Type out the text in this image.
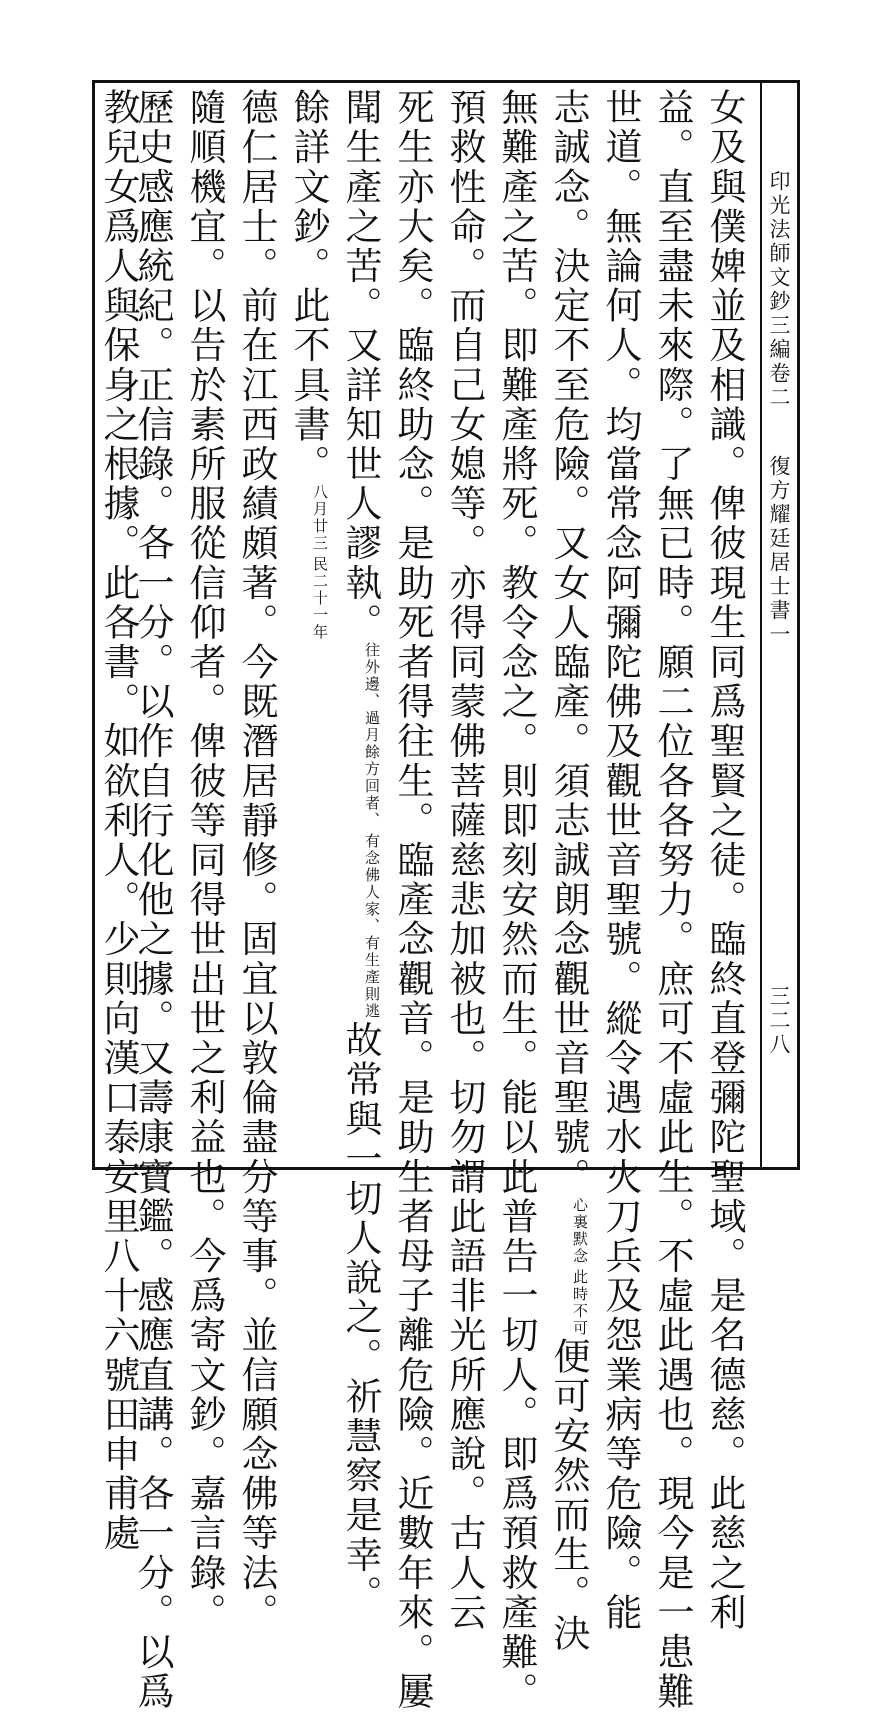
印光法師文鈔三編卷二
復方耀廷居士書一
三二八
女及與僕婢並及相識。俾彼現生同爲聖賢之徒。臨終直登彌陀聖域。是名德慈。此慈之利
益。直至盡未來際。了無已時。願二位各各努力。庶可不虛此生。不虛此遇也。現今是一患難
世道。無論何人。均當常念阿彌陀佛及觀世音聖號。縱令遇水火刀兵及怨業病等危險。能
志誠念。決定不至危險。又女人臨產。須志誠朗念觀世音聖號。
此時不可
心裏默念
便可安然而生。決
無難產之苦。即難產將死。教令念之。則即刻安然而生。能以此普告一切人。即爲預救產難。
預救性命。而自己女媳等。亦得同蒙佛菩薩慈悲加被也。切勿謂此語非光所應說。古人云
死生亦大矣。臨終助念。是助死者得往生。臨產念觀音。是助生者母子離危險。近數年來。屢
聞生產之苦。又詳知世人謬執。
有念佛人家、有生產則逃
往外邊、過月餘方回者、
故常與一切人說之。祈慧察是幸。
餘詳文鈔。此不具書。
民二十一年
八月廿三
德仁居士。前在江西政績頗著。今既潛居靜修。固宜以敦倫盡分等事。並信願念佛等法。
隨順機宜。以告於素所服從信仰者。俾彼等同得世出世之利益也。今爲寄文鈔。嘉言錄。
歷史感應統紀。正信錄。各一分。以作自行化他之據。又壽康寶鑑。感應直講。各一分。以爲
教兒女爲人與保身之根據。此各書。如欲利人。少則向漢口泰安里八十六號田申甫處
